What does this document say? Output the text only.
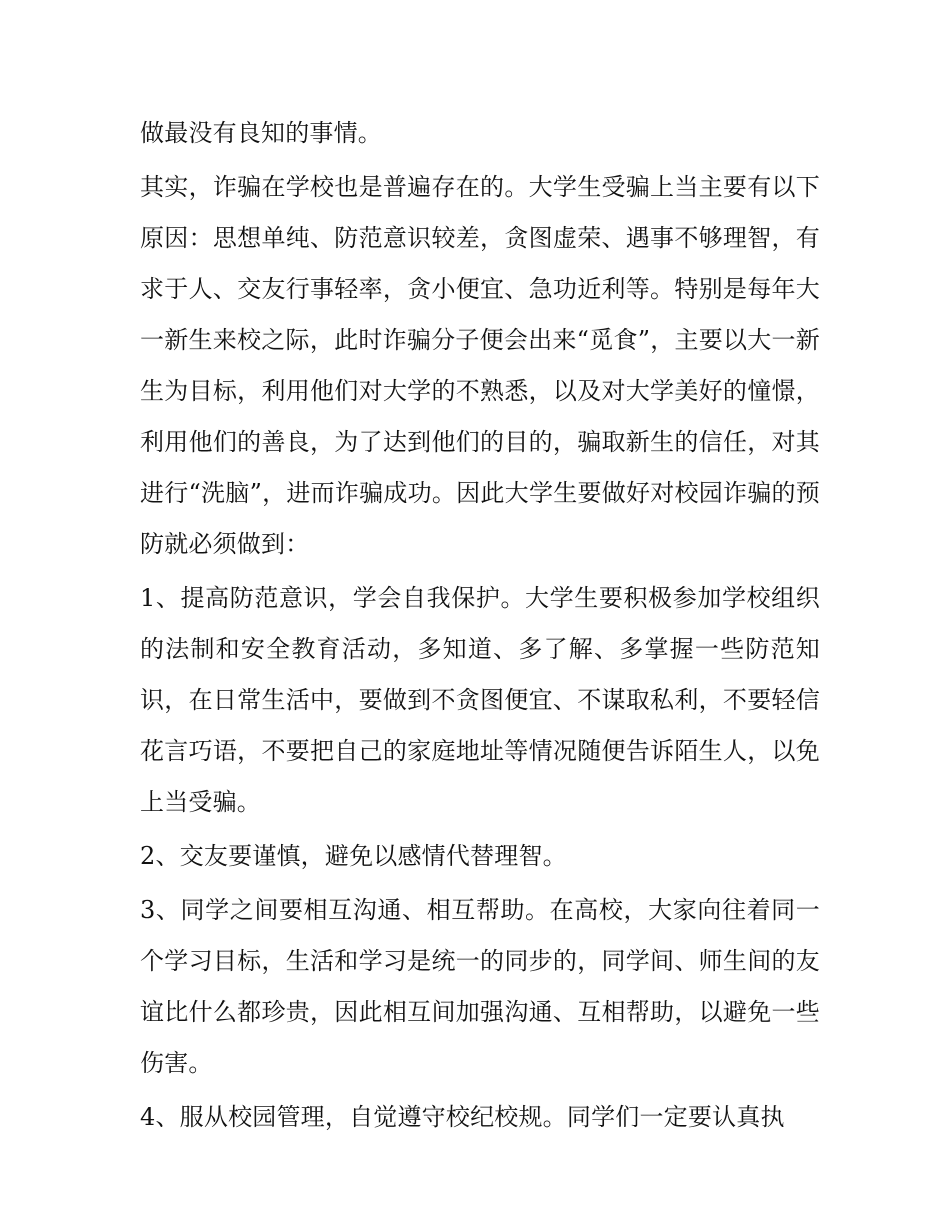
做最没有良知的事情。

其实，诈骗在学校也是普遍存在的。大学生受骗上当主要有以下原因：思想单纯、防范意识较差，贪图虚荣、遇事不够理智，有求于人、交友行事轻率，贪小便宜、急功近利等。特别是每年大一新生来校之际，此时诈骗分子便会出来“觅食”，主要以大一新生为目标，利用他们对大学的不熟悉，以及对大学美好的憧憬，利用他们的善良，为了达到他们的目的，骗取新生的信任，对其进行“洗脑”，进而诈骗成功。因此大学生要做好对校园诈骗的预防就必须做到：

1、提高防范意识，学会自我保护。大学生要积极参加学校组织的法制和安全教育活动，多知道、多了解、多掌握一些防范知识，在日常生活中，要做到不贪图便宜、不谋取私利，不要轻信花言巧语，不要把自己的家庭地址等情况随便告诉陌生人，以免上当受骗。

2、交友要谨慎，避免以感情代替理智。

3、同学之间要相互沟通、相互帮助。在高校，大家向往着同一个学习目标，生活和学习是统一的同步的，同学间、师生间的友谊比什么都珍贵，因此相互间加强沟通、互相帮助，以避免一些伤害。

4、服从校园管理，自觉遵守校纪校规。同学们一定要认真执
